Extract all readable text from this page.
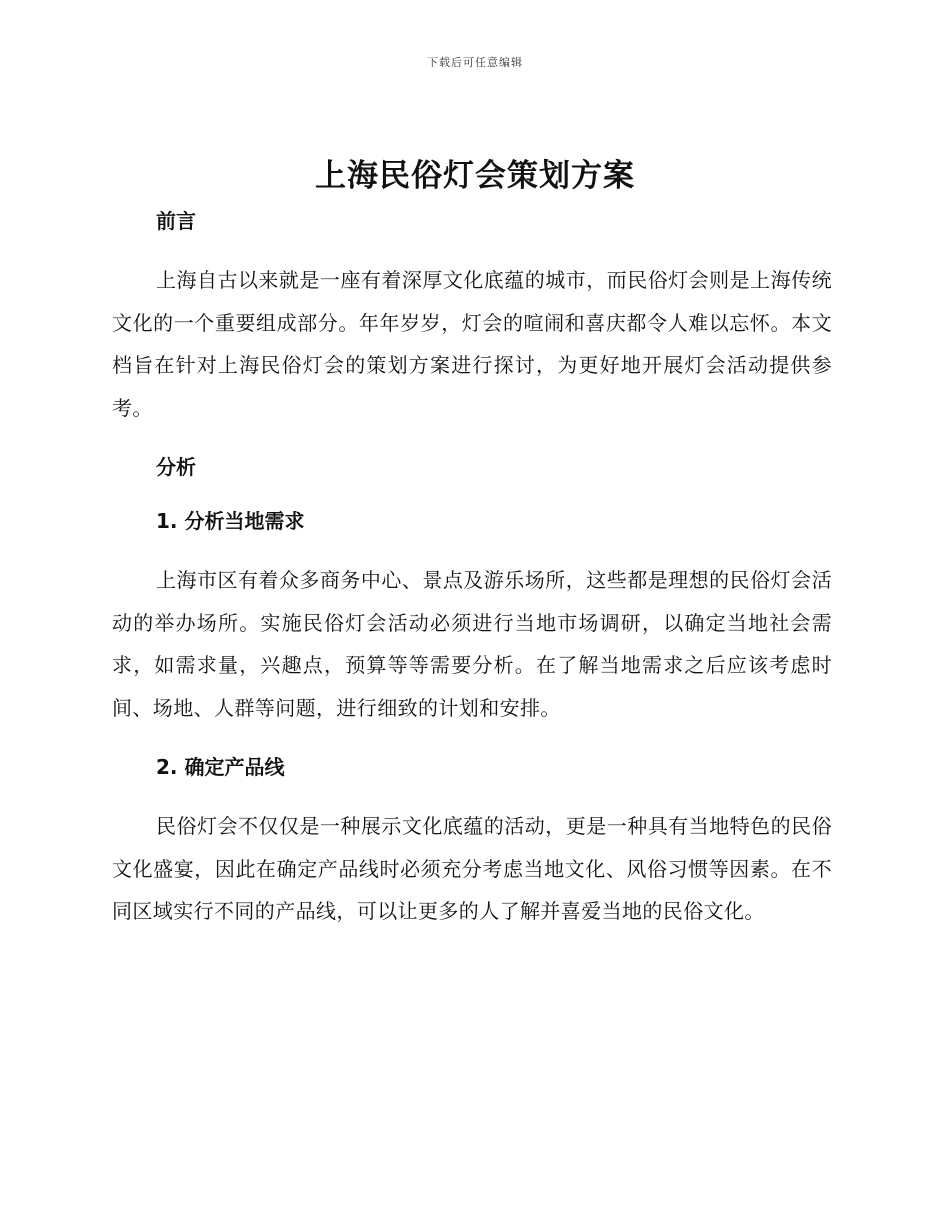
下载后可任意编辑
上海民俗灯会策划方案
前言

上海自古以来就是一座有着深厚文化底蕴的城市，而民俗灯会则是上海传统文化的一个重要组成部分。年年岁岁，灯会的喧闹和喜庆都令人难以忘怀。本文档旨在针对上海民俗灯会的策划方案进行探讨，为更好地开展灯会活动提供参考。

分析
1. 分析当地需求

上海市区有着众多商务中心、景点及游乐场所，这些都是理想的民俗灯会活动的举办场所。实施民俗灯会活动必须进行当地市场调研，以确定当地社会需求，如需求量，兴趣点，预算等等需要分析。在了解当地需求之后应该考虑时间、场地、人群等问题，进行细致的计划和安排。

2. 确定产品线

民俗灯会不仅仅是一种展示文化底蕴的活动，更是一种具有当地特色的民俗文化盛宴，因此在确定产品线时必须充分考虑当地文化、风俗习惯等因素。在不同区域实行不同的产品线，可以让更多的人了解并喜爱当地的民俗文化。
